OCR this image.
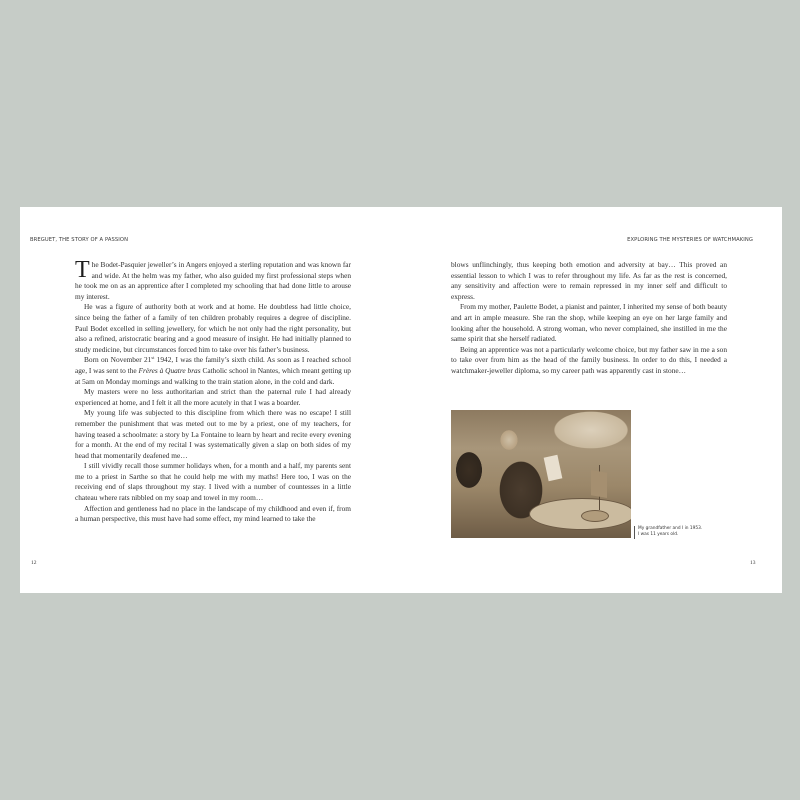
BREGUET, THE STORY OF A PASSION

The Bodet-Pasquier jeweller’s in Angers enjoyed a sterling reputation and was known far and wide. At the helm was my father, who also guided my first professional steps when he took me on as an apprentice after I completed my schooling that had done little to arouse my interest.

He was a figure of authority both at work and at home. He doubtless had little choice, since being the father of a family of ten children probably requires a degree of discipline. Paul Bodet excelled in selling jewellery, for which he not only had the right personality, but also a refined, aristocratic bearing and a good measure of insight. He had initially planned to study medicine, but circumstances forced him to take over his father’s business.

Born on November 21st 1942, I was the family’s sixth child. As soon as I reached school age, I was sent to the Frères à Quatre bras Catholic school in Nantes, which meant getting up at 5am on Monday mornings and walking to the train station alone, in the cold and dark.

My masters were no less authoritarian and strict than the paternal rule I had already experienced at home, and I felt it all the more acutely in that I was a boarder.

My young life was subjected to this discipline from which there was no escape! I still remember the punishment that was meted out to me by a priest, one of my teachers, for having teased a schoolmate: a story by La Fontaine to learn by heart and recite every evening for a month. At the end of my recital I was systematically given a slap on both sides of my head that momentarily deafened me…

I still vividly recall those summer holidays when, for a month and a half, my parents sent me to a priest in Sarthe so that he could help me with my maths! Here too, I was on the receiving end of slaps throughout my stay. I lived with a number of countesses in a little chateau where rats nibbled on my soap and towel in my room…

Affection and gentleness had no place in the landscape of my childhood and even if, from a human perspective, this must have had some effect, my mind learned to take the

12
EXPLORING THE MYSTERIES OF WATCHMAKING

blows unflinchingly, thus keeping both emotion and adversity at bay… This proved an essential lesson to which I was to refer throughout my life. As far as the rest is concerned, any sensitivity and affection were to remain repressed in my inner self and difficult to express.

From my mother, Paulette Bodet, a pianist and painter, I inherited my sense of both beauty and art in ample measure. She ran the shop, while keeping an eye on her large family and looking after the household. A strong woman, who never complained, she instilled in me the same spirit that she herself radiated.

Being an apprentice was not a particularly welcome choice, but my father saw in me a son to take over from him as the head of the family business. In order to do this, I needed a watchmaker-jeweller diploma, so my career path was apparently cast in stone…

My grandfather and I in 1953.
I was 11 years old.
13
